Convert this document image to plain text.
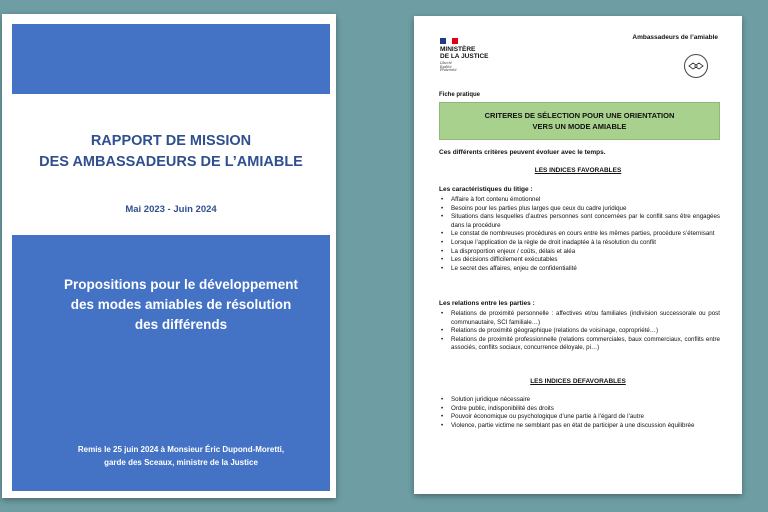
RAPPORT DE MISSION
DES AMBASSADEURS DE L’AMIABLE
Mai 2023 - Juin 2024
Propositions pour le développement
des modes amiables de résolution
des différends
Remis le 25 juin 2024 à Monsieur Éric Dupond-Moretti,
garde des Sceaux, ministre de la Justice
MINISTÈRE
DE LA JUSTICE
Liberté
Égalité
Fraternité
Ambassadeurs de l’amiable
Fiche pratique
CRITERES DE SÉLECTION POUR UNE ORIENTATION
VERS UN MODE AMIABLE
Ces différents critères peuvent évoluer avec le temps.
LES INDICES FAVORABLES
Les caractéristiques du litige :
• Affaire à fort contenu émotionnel
• Besoins pour les parties plus larges que ceux du cadre juridique
• Situations dans lesquelles d’autres personnes sont concernées par le conflit sans être engagées dans la procédure
• Le constat de nombreuses procédures en cours entre les mêmes parties, procédure s’éternisant
• Lorsque l’application de la règle de droit inadaptée à la résolution du conflit
• La disproportion enjeux / coûts, délais et aléa
• Les décisions difficilement exécutables
• Le secret des affaires, enjeu de confidentialité
Les relations entre les parties :
• Relations de proximité personnelle : affectives et/ou familiales (indivision successorale ou post communautaire, SCI familiale…)
• Relations de proximité géographique (relations de voisinage, copropriété…)
• Relations de proximité professionnelle (relations commerciales, baux commerciaux, conflits entre associés, conflits sociaux, concurrence déloyale, pi…)
LES INDICES DEFAVORABLES
• Solution juridique nécessaire
• Ordre public, indisponibilité des droits
• Pouvoir économique ou psychologique d’une partie à l’égard de l’autre
• Violence, partie victime ne semblant pas en état de participer à une discussion équilibrée
